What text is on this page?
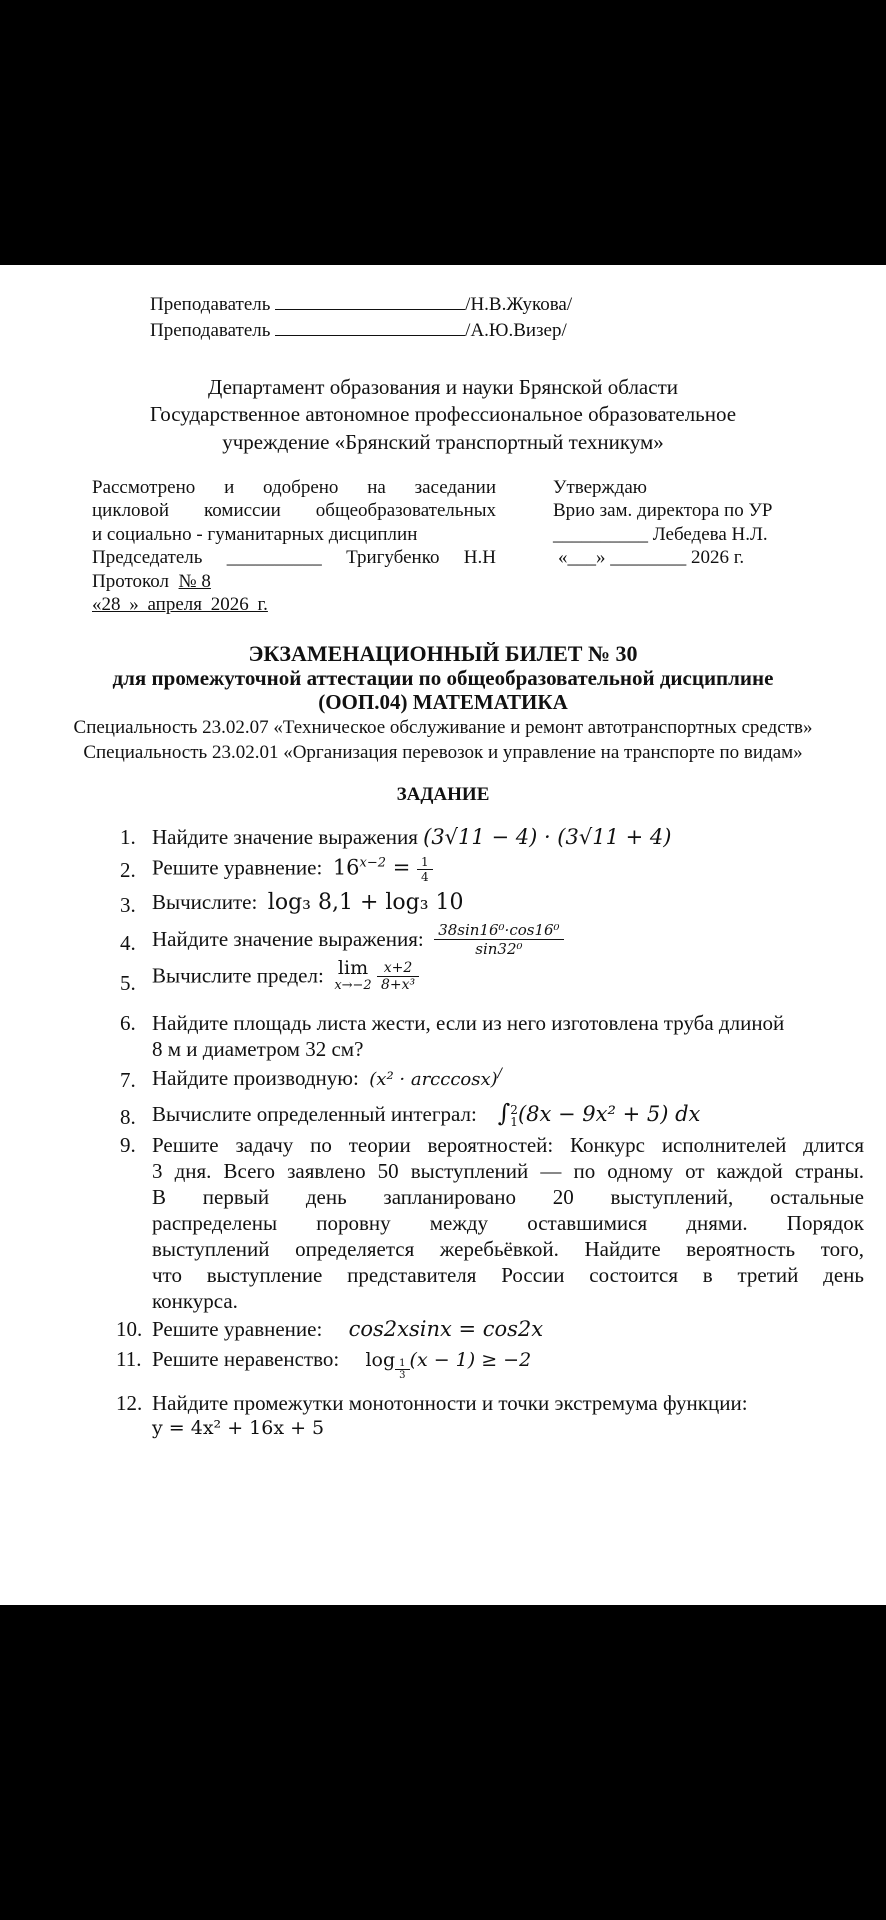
Преподаватель	/Н.В.Жукова/
Преподаватель	/А.Ю.Визер/
Департамент образования и науки Брянской области
Государственное автономное профессиональное образовательное
учреждение «Брянский транспортный техникум»
Рассмотрено и одобрено на заседании
цикловой комиссии общеобразовательных
и социально - гуманитарных дисциплин
Председатель __________ Тригубенко Н.Н
Протокол № 8
«28 » апреля 2026 г.
Утверждаю
Врио зам. директора по УР
__________ Лебедева Н.Л.
«___» ________ 2026 г.
ЭКЗАМЕНАЦИОННЫЙ БИЛЕТ № 30
для промежуточной аттестации по общеобразовательной дисциплине
(ООП.04) МАТЕМАТИКА
Специальность 23.02.07 «Техническое обслуживание и ремонт автотранспортных средств»
Специальность 23.02.01 «Организация перевозок и управление на транспорте по видам»
ЗАДАНИЕ
1. Найдите значение выражения (3√11 − 4) · (3√11 + 4)
2. Решите уравнение: $16^{x-2} = \frac{1}{4}$
3. Вычислите: log₃ 8,1 + log₃ 10
4. Найдите значение выражения: $\frac{\text{38sin16⁰·cos16⁰}}{\text{sin32⁰}}$
5. Вычислите предел: lim
x→−2
$\frac{x+2}{\text{8+x³}}$
6. Найдите площадь листа жести, если из него изготовлена труба длиной
8 м и диаметром 32 см?
7. Найдите производную: (x² · arcccosx)/
8. Вычислите определенный интеграл: ∫ 2
1 (8x − 9x² + 5) dx
9. Решите задачу по теории вероятностей: Конкурс исполнителей длится
3 дня. Всего заявлено 50 выступлений — по одному от каждой страны.
В первый день запланировано 20 выступлений, остальные
распределены поровну между оставшимися днями. Порядок
выступлений определяется жеребьёвкой. Найдите вероятность того,
что выступление представителя России состоится в третий день
конкурса.
10. Решите уравнение: cos2xsinx = cos2x
11. Решите неравенство: $\log \frac{1}{3} (x - 1) \ge -2$
12. Найдите промежутки монотонности и точки экстремума функции:
y = 4x² + 16x + 5
